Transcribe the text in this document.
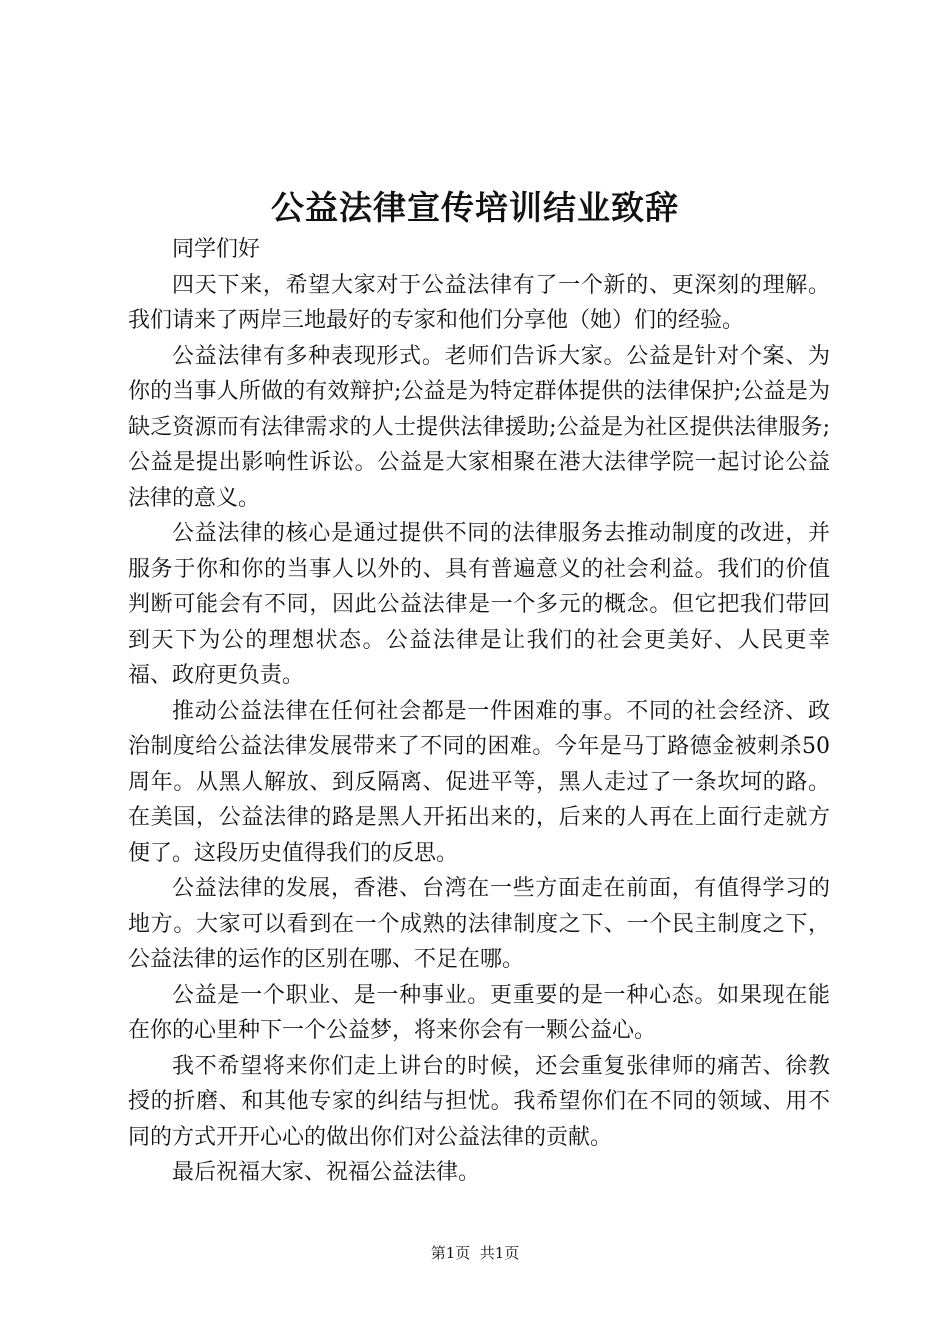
公益法律宣传培训结业致辞

同学们好

四天下来，希望大家对于公益法律有了一个新的、更深刻的理解。我们请来了两岸三地最好的专家和他们分享他（她）们的经验。

公益法律有多种表现形式。老师们告诉大家。公益是针对个案、为你的当事人所做的有效辩护;公益是为特定群体提供的法律保护;公益是为缺乏资源而有法律需求的人士提供法律援助;公益是为社区提供法律服务;公益是提出影响性诉讼。公益是大家相聚在港大法律学院一起讨论公益法律的意义。

公益法律的核心是通过提供不同的法律服务去推动制度的改进，并服务于你和你的当事人以外的、具有普遍意义的社会利益。我们的价值判断可能会有不同，因此公益法律是一个多元的概念。但它把我们带回到天下为公的理想状态。公益法律是让我们的社会更美好、人民更幸福、政府更负责。

推动公益法律在任何社会都是一件困难的事。不同的社会经济、政治制度给公益法律发展带来了不同的困难。今年是马丁路德金被刺杀50周年。从黑人解放、到反隔离、促进平等，黑人走过了一条坎坷的路。在美国，公益法律的路是黑人开拓出来的，后来的人再在上面行走就方便了。这段历史值得我们的反思。

公益法律的发展，香港、台湾在一些方面走在前面，有值得学习的地方。大家可以看到在一个成熟的法律制度之下、一个民主制度之下，公益法律的运作的区别在哪、不足在哪。

公益是一个职业、是一种事业。更重要的是一种心态。如果现在能在你的心里种下一个公益梦，将来你会有一颗公益心。

我不希望将来你们走上讲台的时候，还会重复张律师的痛苦、徐教授的折磨、和其他专家的纠结与担忧。我希望你们在不同的领域、用不同的方式开开心心的做出你们对公益法律的贡献。

最后祝福大家、祝福公益法律。

第1页  共1页
